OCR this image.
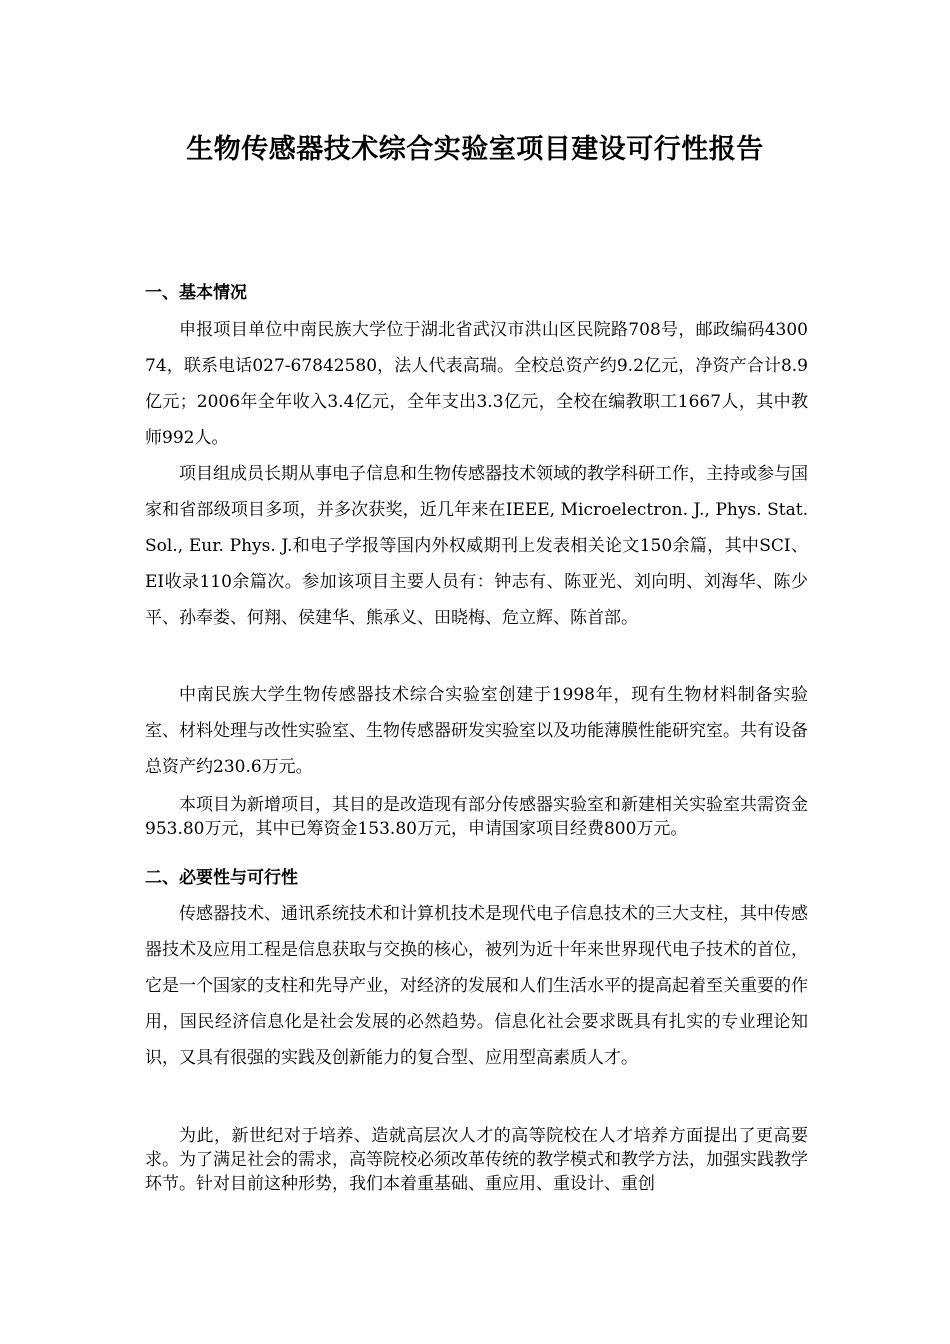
生物传感器技术综合实验室项目建设可行性报告
一、基本情况

申报项目单位中南民族大学位于湖北省武汉市洪山区民院路708号，邮政编码430074，联系电话027-67842580，法人代表高瑞。全校总资产约9.2亿元，净资产合计8.9亿元；2006年全年收入3.4亿元，全年支出3.3亿元，全校在编教职工1667人，其中教师992人。

项目组成员长期从事电子信息和生物传感器技术领域的教学科研工作，主持或参与国家和省部级项目多项，并多次获奖，近几年来在IEEE, Microelectron. J., Phys. Stat. Sol., Eur. Phys. J.和电子学报等国内外权威期刊上发表相关论文150余篇，其中SCI、EI收录110余篇次。参加该项目主要人员有：钟志有、陈亚光、刘向明、刘海华、陈少平、孙奉娄、何翔、侯建华、熊承义、田晓梅、危立辉、陈首部。

中南民族大学生物传感器技术综合实验室创建于1998年，现有生物材料制备实验室、材料处理与改性实验室、生物传感器研发实验室以及功能薄膜性能研究室。共有设备总资产约230.6万元。

本项目为新增项目，其目的是改造现有部分传感器实验室和新建相关实验室共需资金953.80万元，其中已筹资金153.80万元，申请国家项目经费800万元。

二、必要性与可行性

传感器技术、通讯系统技术和计算机技术是现代电子信息技术的三大支柱，其中传感器技术及应用工程是信息获取与交换的核心，被列为近十年来世界现代电子技术的首位，它是一个国家的支柱和先导产业，对经济的发展和人们生活水平的提高起着至关重要的作用，国民经济信息化是社会发展的必然趋势。信息化社会要求既具有扎实的专业理论知识，又具有很强的实践及创新能力的复合型、应用型高素质人才。

为此，新世纪对于培养、造就高层次人才的高等院校在人才培养方面提出了更高要求。为了满足社会的需求，高等院校必须改革传统的教学模式和教学方法，加强实践教学环节。针对目前这种形势，我们本着重基础、重应用、重设计、重创
